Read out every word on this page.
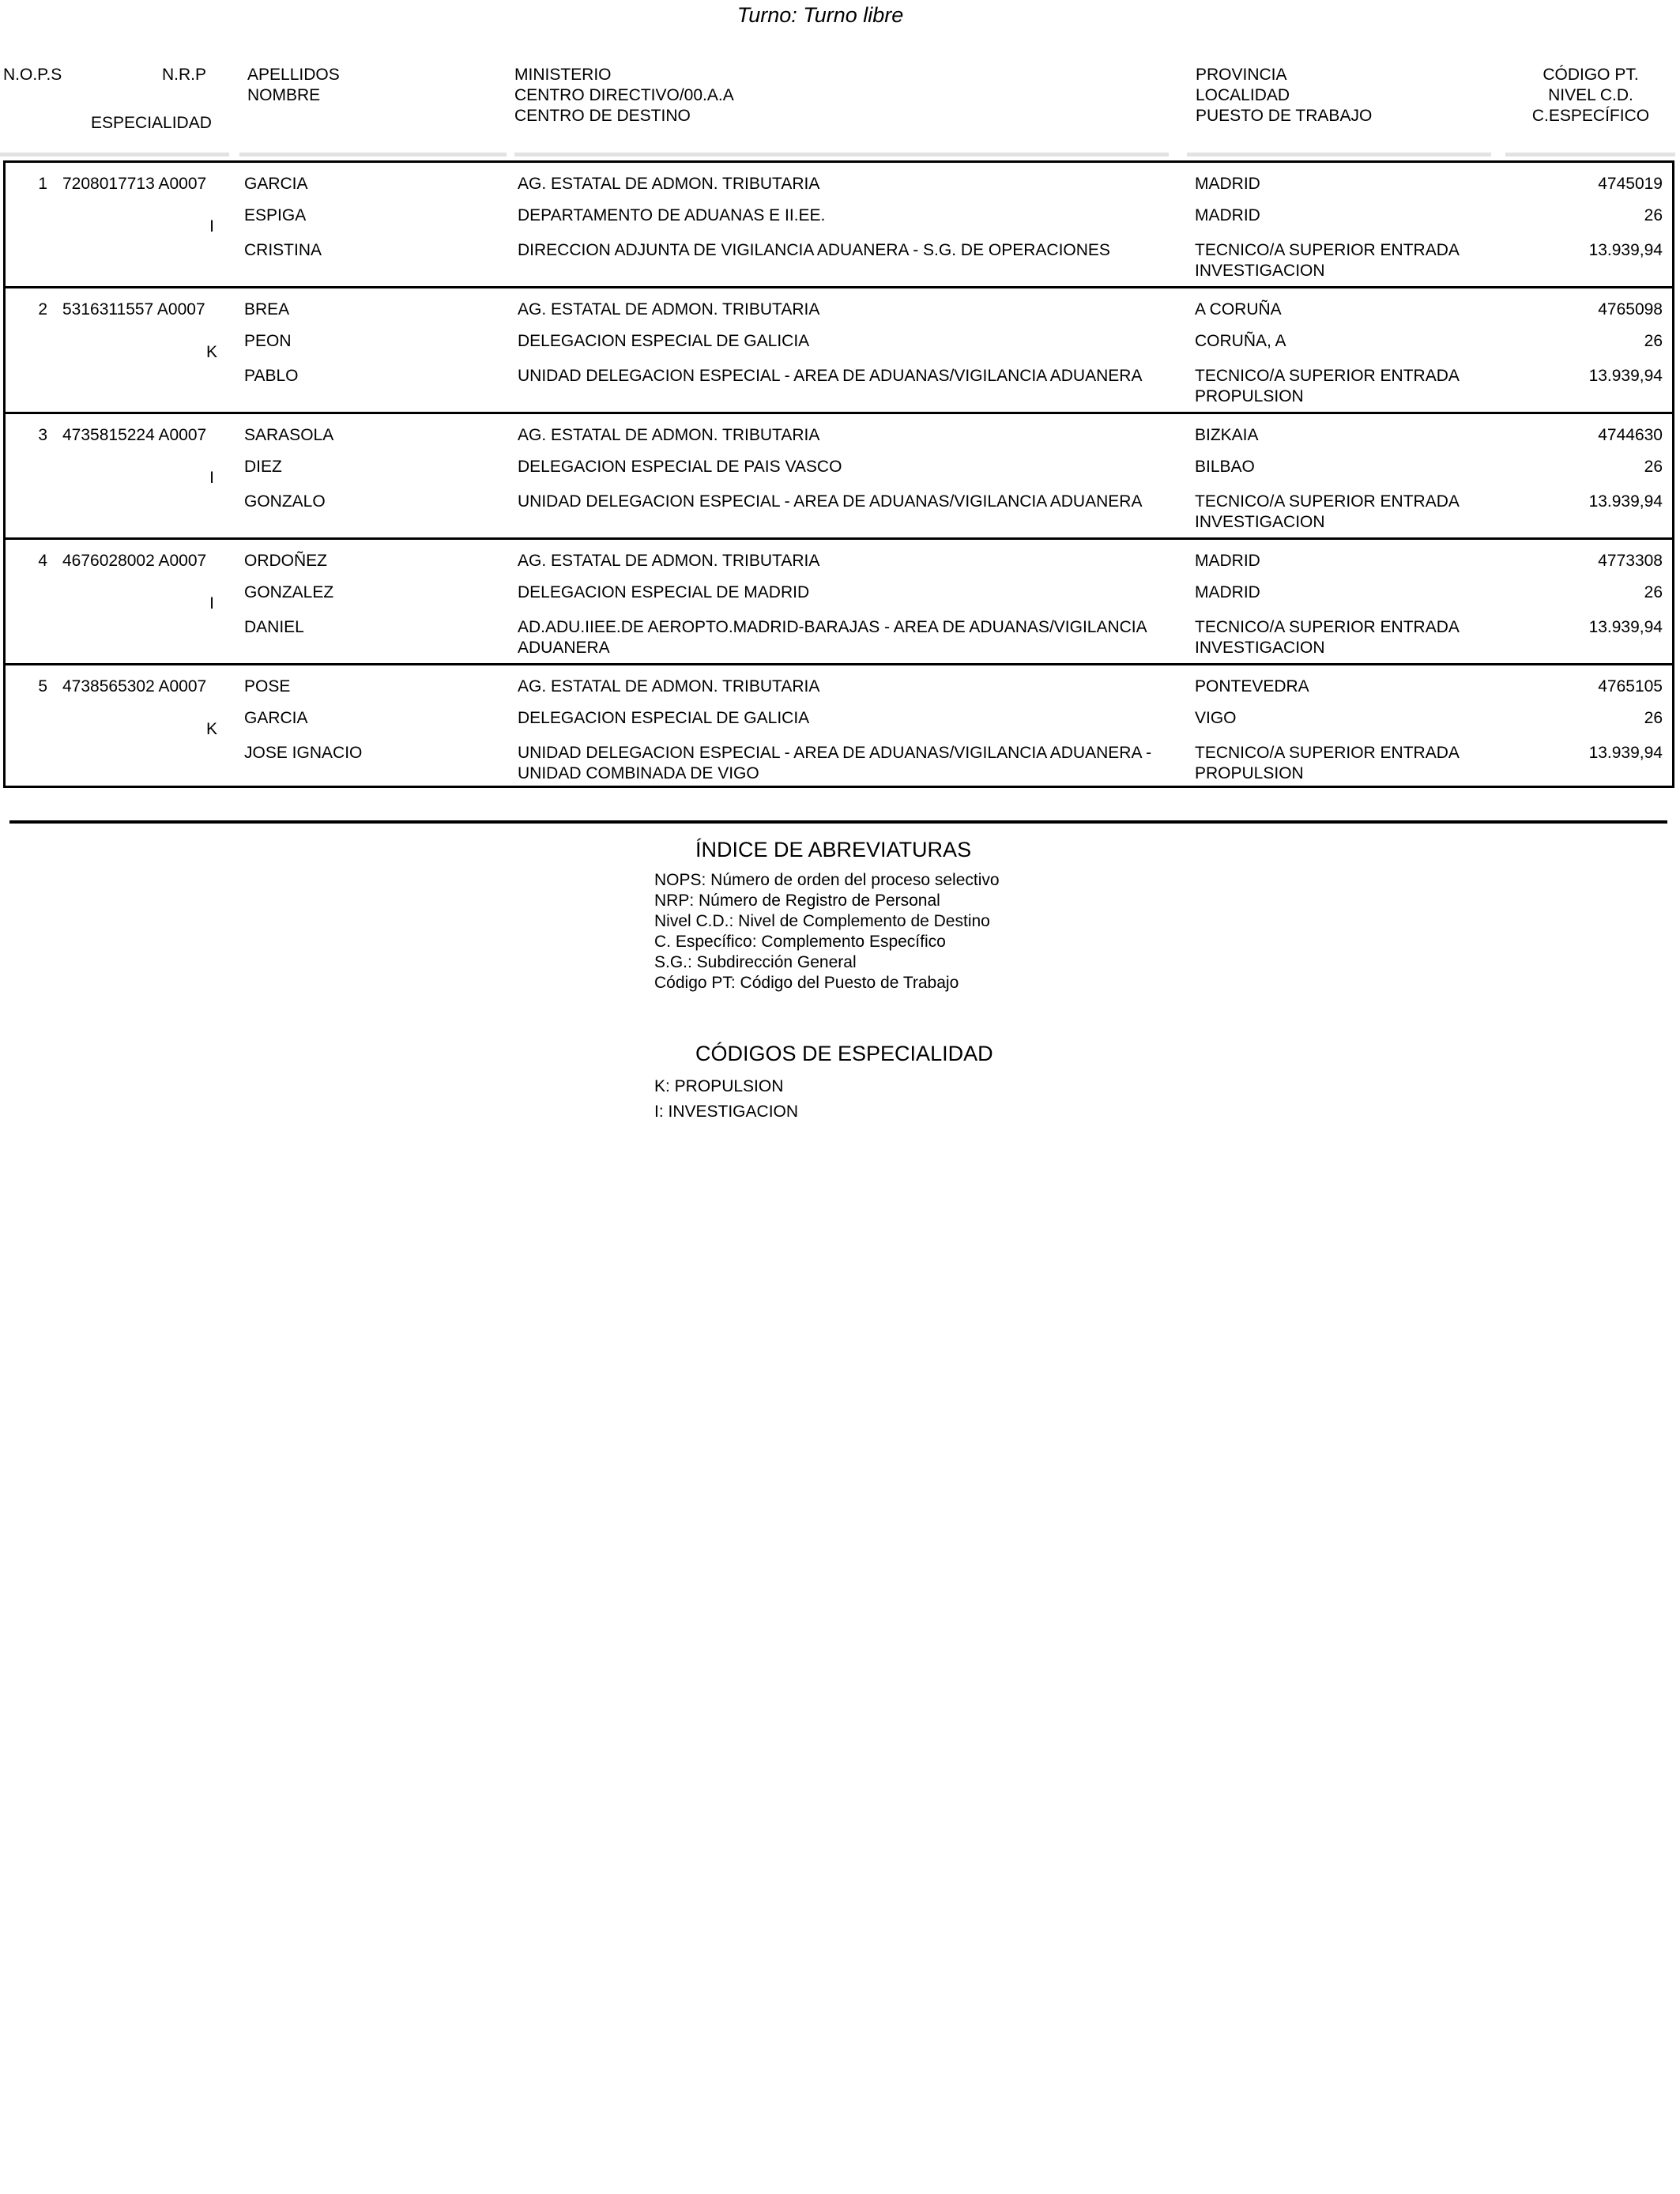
Turno: Turno libre
N.O.P.S	N.R.P
ESPECIALIDAD
APELLIDOS
NOMBRE
MINISTERIO
CENTRO DIRECTIVO/00.A.A
CENTRO DE DESTINO
PROVINCIA
LOCALIDAD
PUESTO DE TRABAJO
CÓDIGO PT.
NIVEL C.D.
C.ESPECÍFICO
1 7208017713 A0007
I
GARCIA
ESPIGA
CRISTINA
AG. ESTATAL DE ADMON. TRIBUTARIA
DEPARTAMENTO DE ADUANAS E II.EE.
DIRECCION ADJUNTA DE VIGILANCIA ADUANERA - S.G. DE OPERACIONES
MADRID
MADRID
TECNICO/A SUPERIOR ENTRADA INVESTIGACION
4745019
26
13.939,94
2 5316311557 A0007
K
BREA
PEON
PABLO
AG. ESTATAL DE ADMON. TRIBUTARIA
DELEGACION ESPECIAL DE GALICIA
UNIDAD DELEGACION ESPECIAL - AREA DE ADUANAS/VIGILANCIA ADUANERA
A CORUÑA
CORUÑA, A
TECNICO/A SUPERIOR ENTRADA PROPULSION
4765098
26
13.939,94
3 4735815224 A0007
I
SARASOLA
DIEZ
GONZALO
AG. ESTATAL DE ADMON. TRIBUTARIA
DELEGACION ESPECIAL DE PAIS VASCO
UNIDAD DELEGACION ESPECIAL - AREA DE ADUANAS/VIGILANCIA ADUANERA
BIZKAIA
BILBAO
TECNICO/A SUPERIOR ENTRADA INVESTIGACION
4744630
26
13.939,94
4 4676028002 A0007
I
ORDOÑEZ
GONZALEZ
DANIEL
AG. ESTATAL DE ADMON. TRIBUTARIA
DELEGACION ESPECIAL DE MADRID
AD.ADU.IIEE.DE AEROPTO.MADRID-BARAJAS - AREA DE ADUANAS/VIGILANCIA ADUANERA
MADRID
MADRID
TECNICO/A SUPERIOR ENTRADA INVESTIGACION
4773308
26
13.939,94
5 4738565302 A0007
K
POSE
GARCIA
JOSE IGNACIO
AG. ESTATAL DE ADMON. TRIBUTARIA
DELEGACION ESPECIAL DE GALICIA
UNIDAD DELEGACION ESPECIAL - AREA DE ADUANAS/VIGILANCIA ADUANERA - UNIDAD COMBINADA DE VIGO
PONTEVEDRA
VIGO
TECNICO/A SUPERIOR ENTRADA PROPULSION
4765105
26
13.939,94
ÍNDICE DE ABREVIATURAS
NOPS: Número de orden del proceso selectivo
NRP: Número de Registro de Personal
Nivel C.D.: Nivel de Complemento de Destino
C. Específico: Complemento Específico
S.G.: Subdirección General
Código PT: Código del Puesto de Trabajo
CÓDIGOS DE ESPECIALIDAD
K: PROPULSION
I: INVESTIGACION
